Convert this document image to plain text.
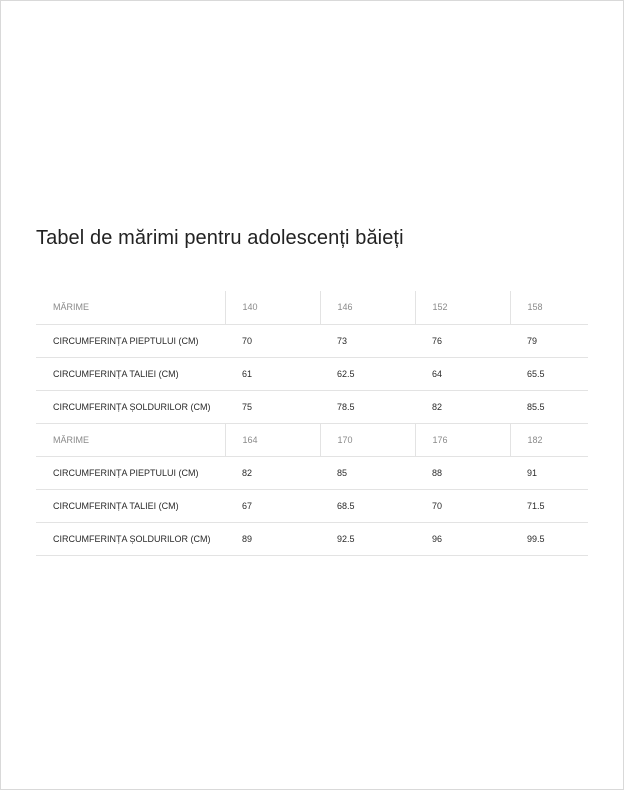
Tabel de mărimi pentru adolescenți băieți
MĂRIME	140	146	152	158
CIRCUMFERINȚA PIEPTULUI (CM)	70	73	76	79
CIRCUMFERINȚA TALIEI (CM)	61	62.5	64	65.5
CIRCUMFERINȚA ȘOLDURILOR (CM)	75	78.5	82	85.5
MĂRIME	164	170	176	182
CIRCUMFERINȚA PIEPTULUI (CM)	82	85	88	91
CIRCUMFERINȚA TALIEI (CM)	67	68.5	70	71.5
CIRCUMFERINȚA ȘOLDURILOR (CM)	89	92.5	96	99.5
